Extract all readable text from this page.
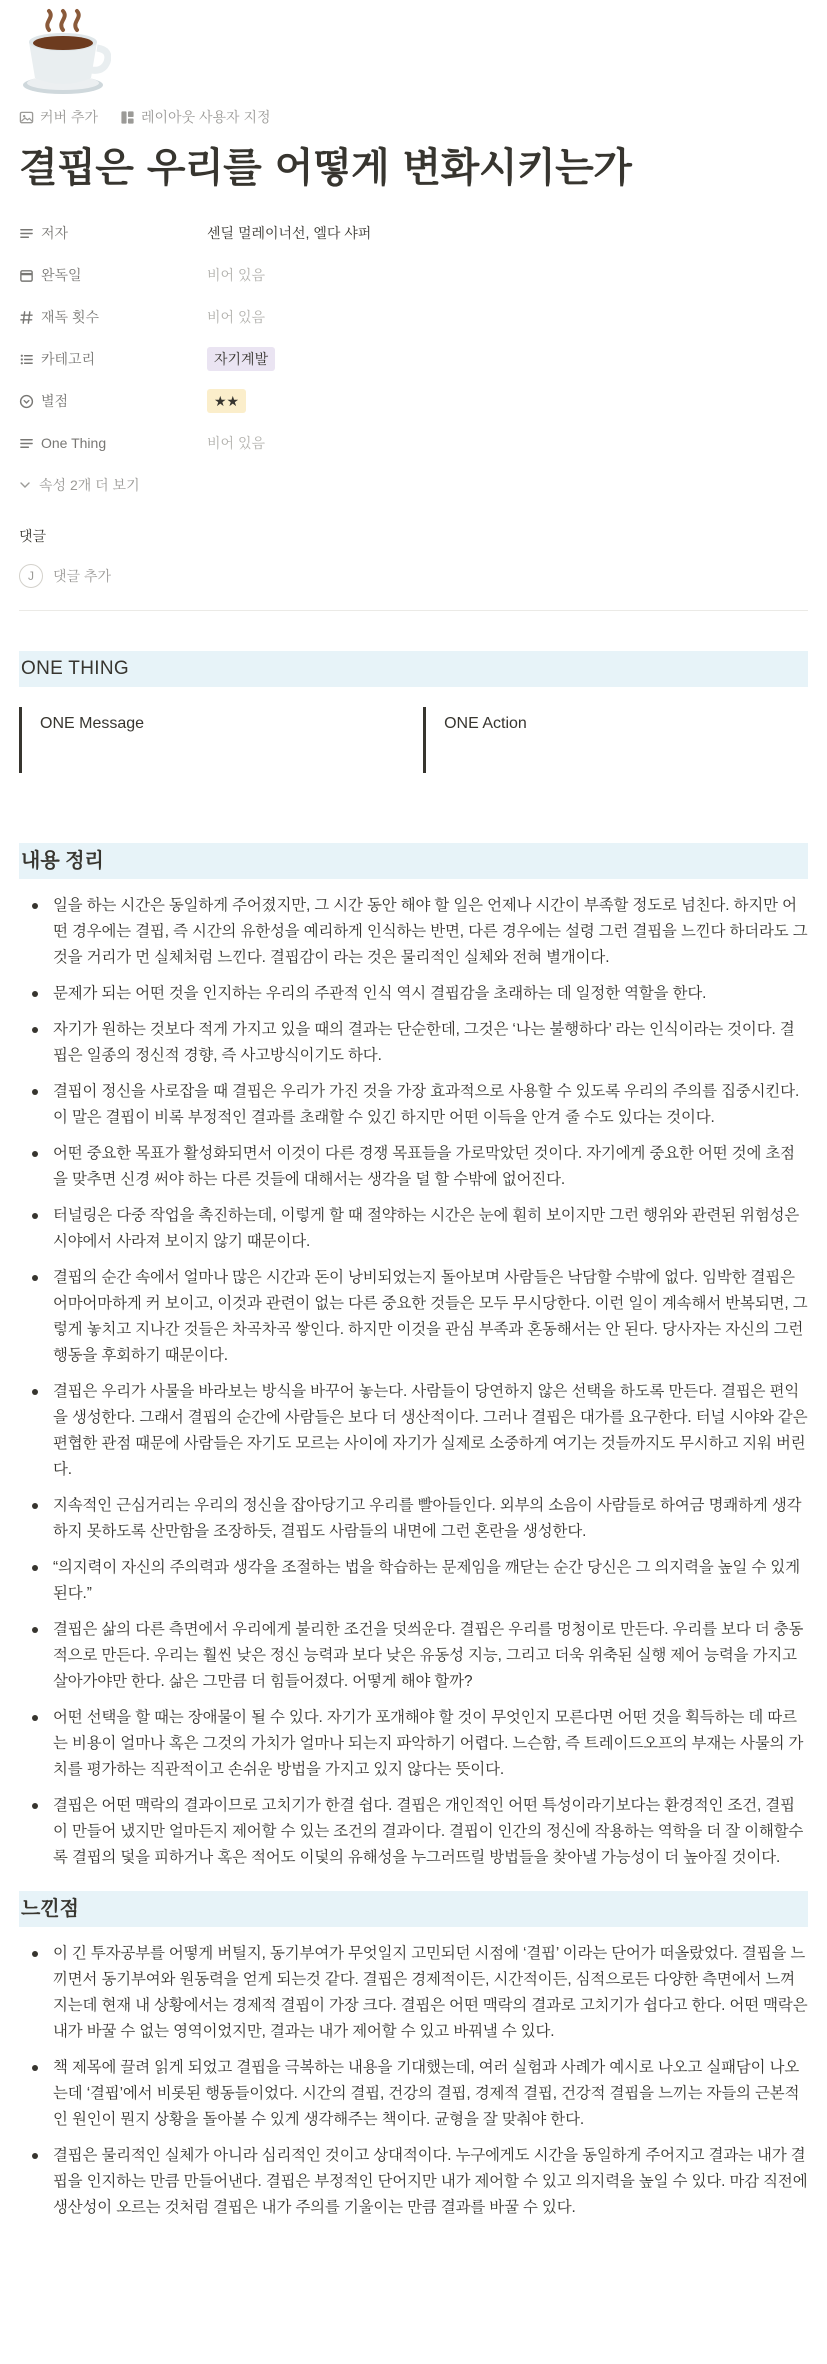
커버 추가	레이아웃 사용자 지정
결핍은 우리를 어떻게 변화시키는가
저자	센딜 멀레이너선, 엘다 샤퍼
완독일	비어 있음
재독 횟수	비어 있음
카테고리	자기계발
별점	★★
One Thing	비어 있음
속성 2개 더 보기
댓글
J	댓글 추가
ONE THING
ONE Message	ONE Action
내용 정리
일을 하는 시간은 동일하게 주어졌지만, 그 시간 동안 해야 할 일은 언제나 시간이 부족할 정도로 넘친다. 하지만 어떤 경우에는 결핍, 즉 시간의 유한성을 예리하게 인식하는 반면, 다른 경우에는 설령 그런 결핍을 느낀다 하더라도 그것을 거리가 먼 실체처럼 느낀다. 결핍감이 라는 것은 물리적인 실체와 전혀 별개이다.
문제가 되는 어떤 것을 인지하는 우리의 주관적 인식 역시 결핍감을 초래하는 데 일정한 역할을 한다.
자기가 원하는 것보다 적게 가지고 있을 때의 결과는 단순한데, 그것은 ‘나는 불행하다’ 라는 인식이라는 것이다. 결핍은 일종의 정신적 경향, 즉 사고방식이기도 하다.
결핍이 정신을 사로잡을 때 결핍은 우리가 가진 것을 가장 효과적으로 사용할 수 있도록 우리의 주의를 집중시킨다. 이 말은 결핍이 비록 부정적인 결과를 초래할 수 있긴 하지만 어떤 이득을 안겨 줄 수도 있다는 것이다.
어떤 중요한 목표가 활성화되면서 이것이 다른 경쟁 목표들을 가로막았던 것이다. 자기에게 중요한 어떤 것에 초점을 맞추면 신경 써야 하는 다른 것들에 대해서는 생각을 덜 할 수밖에 없어진다.
터널링은 다중 작업을 촉진하는데, 이렇게 할 때 절약하는 시간은 눈에 훤히 보이지만 그런 행위와 관련된 위험성은 시야에서 사라져 보이지 않기 때문이다.
결핍의 순간 속에서 얼마나 많은 시간과 돈이 낭비되었는지 돌아보며 사람들은 낙담할 수밖에 없다. 임박한 결핍은 어마어마하게 커 보이고, 이것과 관련이 없는 다른 중요한 것들은 모두 무시당한다. 이런 일이 계속해서 반복되면, 그렇게 놓치고 지나간 것들은 차곡차곡 쌓인다. 하지만 이것을 관심 부족과 혼동해서는 안 된다. 당사자는 자신의 그런 행동을 후회하기 때문이다.
결핍은 우리가 사물을 바라보는 방식을 바꾸어 놓는다. 사람들이 당연하지 않은 선택을 하도록 만든다. 결핍은 편익을 생성한다. 그래서 결핍의 순간에 사람들은 보다 더 생산적이다. 그러나 결핍은 대가를 요구한다. 터널 시야와 같은 편협한 관점 때문에 사람들은 자기도 모르는 사이에 자기가 실제로 소중하게 여기는 것들까지도 무시하고 지워 버린다.
지속적인 근심거리는 우리의 정신을 잡아당기고 우리를 빨아들인다. 외부의 소음이 사람들로 하여금 명쾌하게 생각하지 못하도록 산만함을 조장하듯, 결핍도 사람들의 내면에 그런 혼란을 생성한다.
“의지력이 자신의 주의력과 생각을 조절하는 법을 학습하는 문제임을 깨닫는 순간 당신은 그 의지력을 높일 수 있게 된다.”
결핍은 삶의 다른 측면에서 우리에게 불리한 조건을 덧씌운다. 결핍은 우리를 멍청이로 만든다. 우리를 보다 더 충동적으로 만든다. 우리는 훨씬 낮은 정신 능력과 보다 낮은 유동성 지능, 그리고 더욱 위축된 실행 제어 능력을 가지고 살아가야만 한다. 삶은 그만큼 더 힘들어졌다. 어떻게 해야 할까?
어떤 선택을 할 때는 장애물이 될 수 있다. 자기가 포개해야 할 것이 무엇인지 모른다면 어떤 것을 획득하는 데 따르는 비용이 얼마나 혹은 그것의 가치가 얼마나 되는지 파악하기 어렵다. 느슨함, 즉 트레이드오프의 부재는 사물의 가치를 평가하는 직관적이고 손쉬운 방법을 가지고 있지 않다는 뜻이다.
결핍은 어떤 맥락의 결과이므로 고치기가 한결 쉽다. 결핍은 개인적인 어떤 특성이라기보다는 환경적인 조건, 결핍이 만들어 냈지만 얼마든지 제어할 수 있는 조건의 결과이다. 결핍이 인간의 정신에 작용하는 역학을 더 잘 이해할수록 결핍의 덫을 피하거나 혹은 적어도 이덫의 유해성을 누그러뜨릴 방법들을 찾아낼 가능성이 더 높아질 것이다.
느낀점
이 긴 투자공부를 어떻게 버틸지, 동기부여가 무엇일지 고민되던 시점에 ‘결핍’ 이라는 단어가 떠올랐었다. 결핍을 느끼면서 동기부여와 원동력을 얻게 되는것 같다. 결핍은 경제적이든, 시간적이든, 심적으로든 다양한 측면에서 느껴지는데 현재 내 상황에서는 경제적 결핍이 가장 크다. 결핍은 어떤 맥락의 결과로 고치기가 쉽다고 한다. 어떤 맥락은 내가 바꿀 수 없는 영역이었지만, 결과는 내가 제어할 수 있고 바꿔낼 수 있다.
책 제목에 끌려 읽게 되었고 결핍을 극복하는 내용을 기대했는데, 여러 실험과 사례가 예시로 나오고 실패담이 나오는데 ‘결핍’에서 비롯된 행동들이었다. 시간의 결핍, 건강의 결핍, 경제적 결핍, 건강적 결핍을 느끼는 자들의 근본적인 원인이 뭔지 상황을 돌아볼 수 있게 생각해주는 책이다. 균형을 잘 맞춰야 한다.
결핍은 물리적인 실체가 아니라 심리적인 것이고 상대적이다. 누구에게도 시간을 동일하게 주어지고 결과는 내가 결핍을 인지하는 만큼 만들어낸다. 결핍은 부정적인 단어지만 내가 제어할 수 있고 의지력을 높일 수 있다. 마감 직전에 생산성이 오르는 것처럼 결핍은 내가 주의를 기울이는 만큼 결과를 바꿀 수 있다.
